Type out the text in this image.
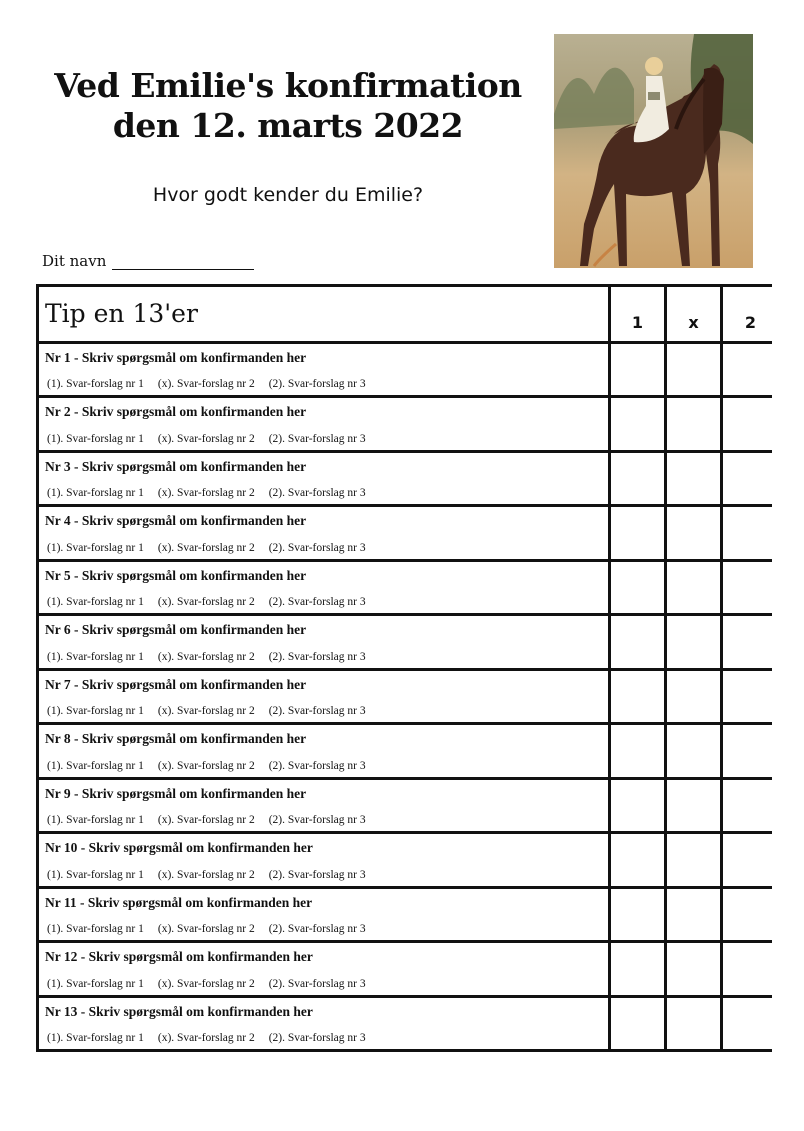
Ved Emilie's konfirmation
den 12. marts 2022
Hvor godt kender du Emilie?
Dit navn
Tip en 13'er	1	x	2
Nr 1 - Skriv spørgsmål om konfirmanden her
(1). Svar-forslag nr 1 (x). Svar-forslag nr 2 (2). Svar-forslag nr 3
Nr 2 - Skriv spørgsmål om konfirmanden her
(1). Svar-forslag nr 1 (x). Svar-forslag nr 2 (2). Svar-forslag nr 3
Nr 3 - Skriv spørgsmål om konfirmanden her
(1). Svar-forslag nr 1 (x). Svar-forslag nr 2 (2). Svar-forslag nr 3
Nr 4 - Skriv spørgsmål om konfirmanden her
(1). Svar-forslag nr 1 (x). Svar-forslag nr 2 (2). Svar-forslag nr 3
Nr 5 - Skriv spørgsmål om konfirmanden her
(1). Svar-forslag nr 1 (x). Svar-forslag nr 2 (2). Svar-forslag nr 3
Nr 6 - Skriv spørgsmål om konfirmanden her
(1). Svar-forslag nr 1 (x). Svar-forslag nr 2 (2). Svar-forslag nr 3
Nr 7 - Skriv spørgsmål om konfirmanden her
(1). Svar-forslag nr 1 (x). Svar-forslag nr 2 (2). Svar-forslag nr 3
Nr 8 - Skriv spørgsmål om konfirmanden her
(1). Svar-forslag nr 1 (x). Svar-forslag nr 2 (2). Svar-forslag nr 3
Nr 9 - Skriv spørgsmål om konfirmanden her
(1). Svar-forslag nr 1 (x). Svar-forslag nr 2 (2). Svar-forslag nr 3
Nr 10 - Skriv spørgsmål om konfirmanden her
(1). Svar-forslag nr 1 (x). Svar-forslag nr 2 (2). Svar-forslag nr 3
Nr 11 - Skriv spørgsmål om konfirmanden her
(1). Svar-forslag nr 1 (x). Svar-forslag nr 2 (2). Svar-forslag nr 3
Nr 12 - Skriv spørgsmål om konfirmanden her
(1). Svar-forslag nr 1 (x). Svar-forslag nr 2 (2). Svar-forslag nr 3
Nr 13 - Skriv spørgsmål om konfirmanden her
(1). Svar-forslag nr 1 (x). Svar-forslag nr 2 (2). Svar-forslag nr 3
